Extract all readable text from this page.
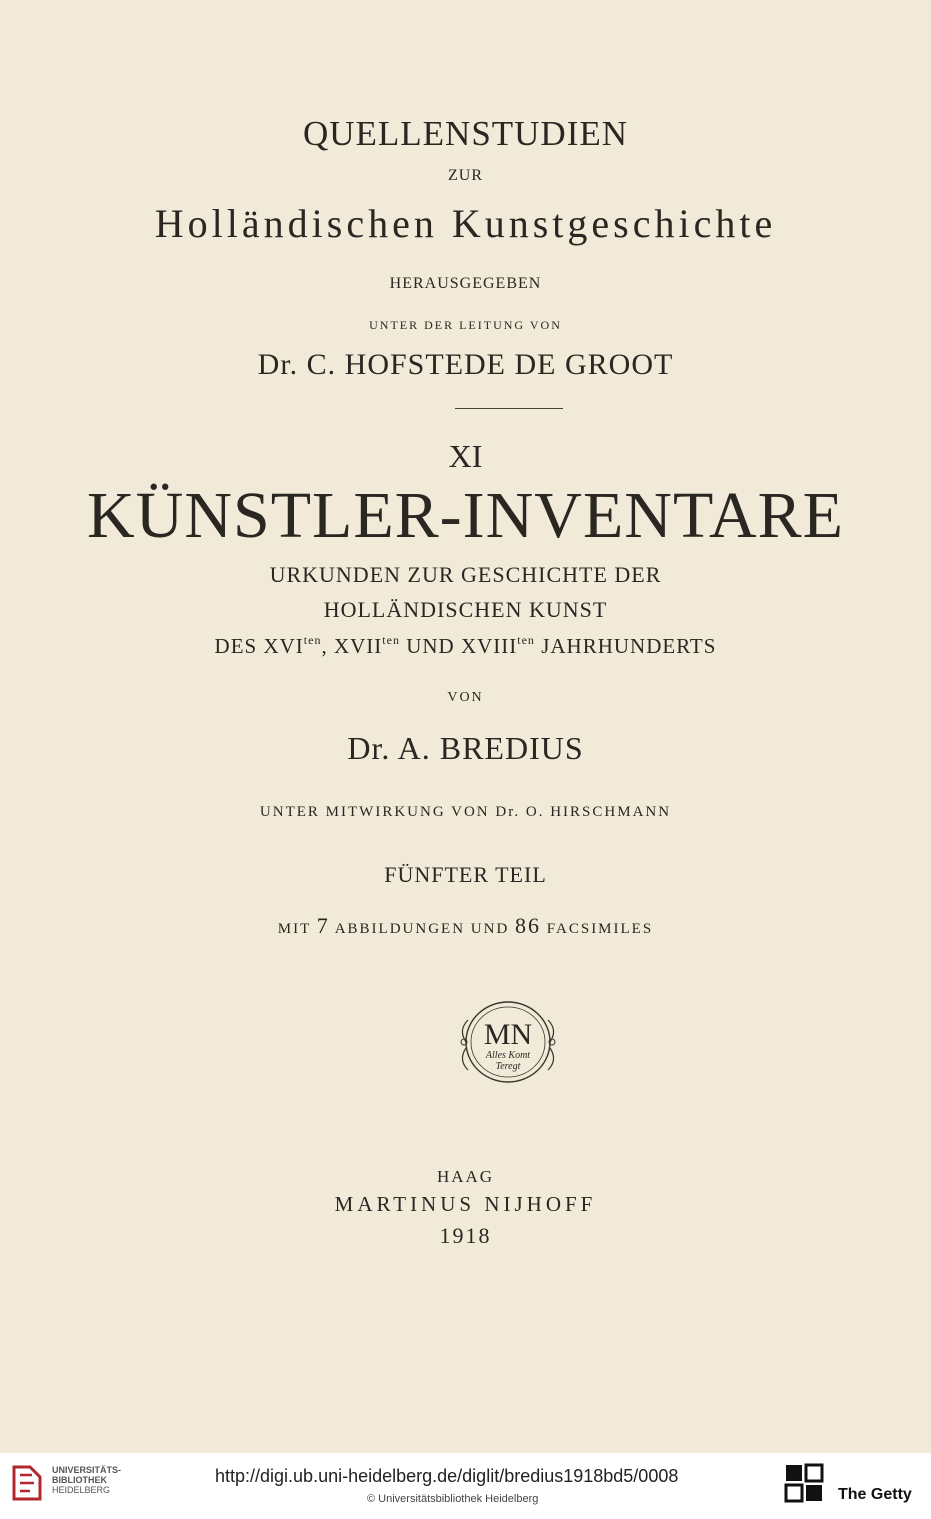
QUELLENSTUDIEN
ZUR
Holländischen Kunstgeschichte
HERAUSGEGEBEN
UNTER DER LEITUNG VON
Dr. C. HOFSTEDE DE GROOT
XI
KÜNSTLER-INVENTARE
URKUNDEN ZUR GESCHICHTE DER
HOLLÄNDISCHEN KUNST
DES $XVI^{ten}$, $XVII^{ten}$ UND $XVIII^{ten}$ JAHRHUNDERTS
VON
Dr. A. BREDIUS
UNTER MITWIRKUNG VON Dr. O. HIRSCHMANN
FÜNFTER TEIL
MIT 7 ABBILDUNGEN UND 86 FACSIMILES
MN
Alles Komt
Teregt
HAAG
MARTINUS NIJHOFF
1918
UNIVERSITÄTS-
BIBLIOTHEK
HEIDELBERG
http://digi.ub.uni-heidelberg.de/diglit/bredius1918bd5/0008
© Universitätsbibliothek Heidelberg	The Getty
